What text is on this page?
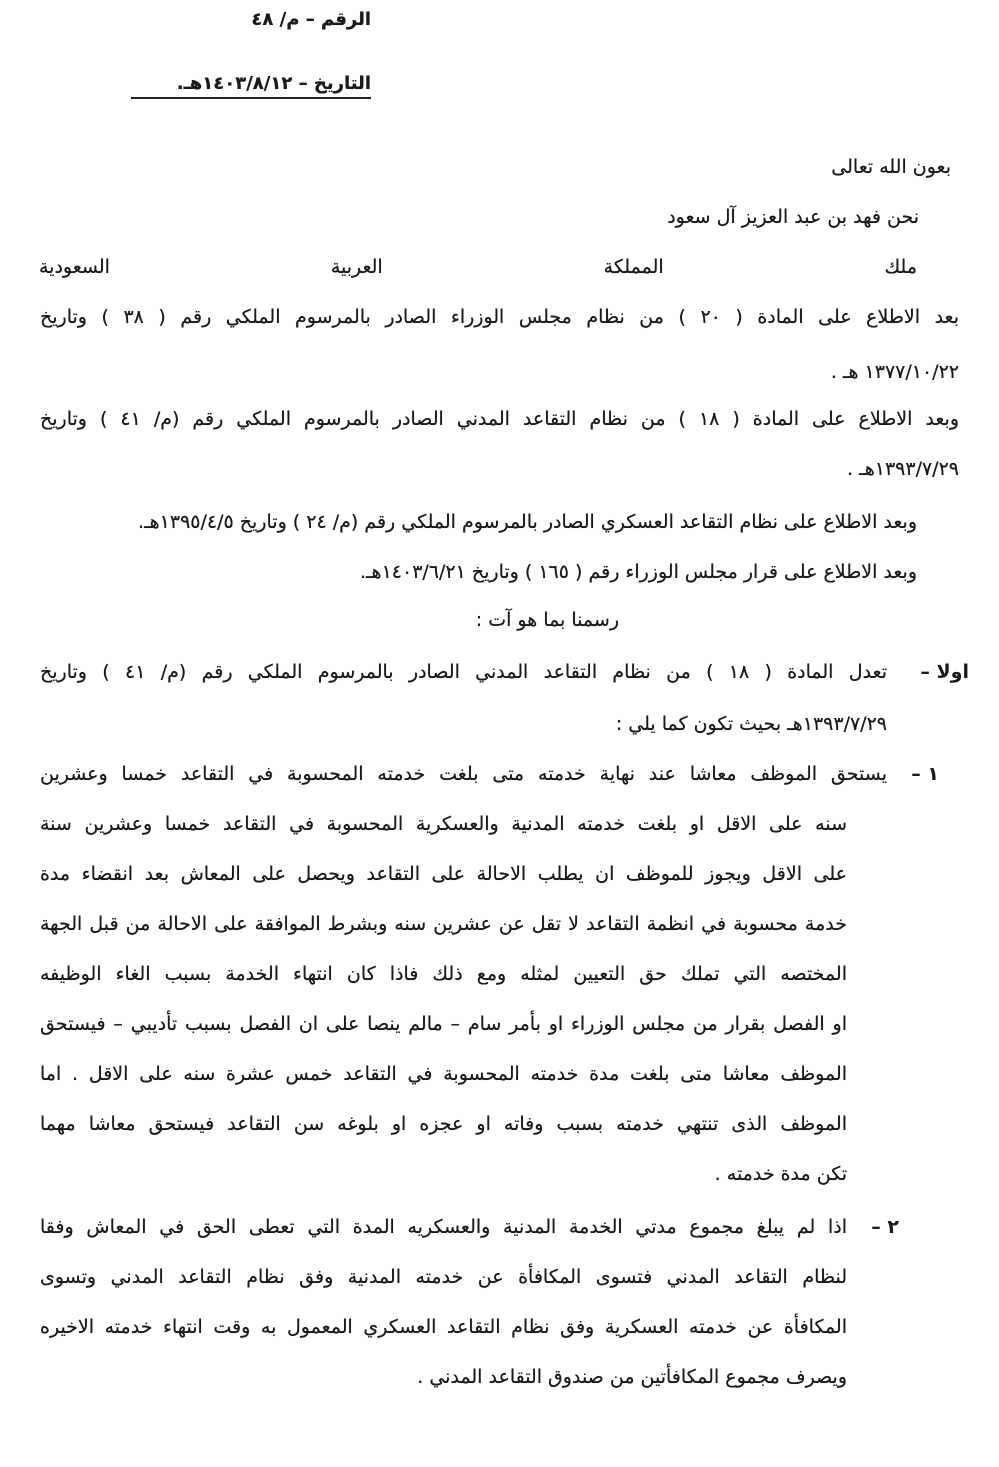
الرقم – م/ ٤٨
التاريخ – ١٤٠٣/٨/١٢هـ.
بعون الله تعالى
نحن فهد بن عبد العزيز آل سعود
ملك المملكة العربية السعودية
بعد الاطلاع على المادة ( ٢٠ ) من نظام مجلس الوزراء الصادر بالمرسوم الملكي رقم ( ٣٨ ) وتاريخ
١٣٧٧/١٠/٢٢ هـ .
وبعد الاطلاع على المادة ( ١٨ ) من نظام التقاعد المدني الصادر بالمرسوم الملكي رقم (م/ ٤١ ) وتاريخ
١٣٩٣/٧/٢٩هـ .
وبعد الاطلاع على نظام التقاعد العسكري الصادر بالمرسوم الملكي رقم (م/ ٢٤ ) وتاريخ ١٣٩٥/٤/٥هـ.
وبعد الاطلاع على قرار مجلس الوزراء رقم ( ١٦٥ ) وتاريخ ١٤٠٣/٦/٢١هـ.
رسمنا بما هو آت :
اولا –
تعدل المادة ( ١٨ ) من نظام التقاعد المدني الصادر بالمرسوم الملكي رقم (م/ ٤١ ) وتاريخ
١٣٩٣/٧/٢٩هـ بحيث تكون كما يلي :
١ –
يستحق الموظف معاشا عند نهاية خدمته متى بلغت خدمته المحسوبة في التقاعد خمسا وعشرين
سنه على الاقل او بلغت خدمته المدنية والعسكرية المحسوبة في التقاعد خمسا وعشرين سنة
على الاقل ويجوز للموظف ان يطلب الاحالة على التقاعد ويحصل على المعاش بعد انقضاء مدة
خدمة محسوبة في انظمة التقاعد لا تقل عن عشرين سنه وبشرط الموافقة على الاحالة من قبل الجهة
المختصه التي تملك حق التعيين لمثله ومع ذلك فاذا كان انتهاء الخدمة بسبب الغاء الوظيفه
او الفصل بقرار من مجلس الوزراء او بأمر سام – مالم ينصا على ان الفصل بسبب تأديبي – فيستحق
الموظف معاشا متى بلغت مدة خدمته المحسوبة في التقاعد خمس عشرة سنه على الاقل . اما
الموظف الذى تنتهي خدمته بسبب وفاته او عجزه او بلوغه سن التقاعد فيستحق معاشا مهما
تكن مدة خدمته .
٢ –
اذا لم يبلغ مجموع مدتي الخدمة المدنية والعسكريه المدة التي تعطى الحق في المعاش وفقا
لنظام التقاعد المدني فتسوى المكافأة عن خدمته المدنية وفق نظام التقاعد المدني وتسوى
المكافأة عن خدمته العسكرية وفق نظام التقاعد العسكري المعمول به وقت انتهاء خدمته الاخيره
ويصرف مجموع المكافأتين من صندوق التقاعد المدني .
